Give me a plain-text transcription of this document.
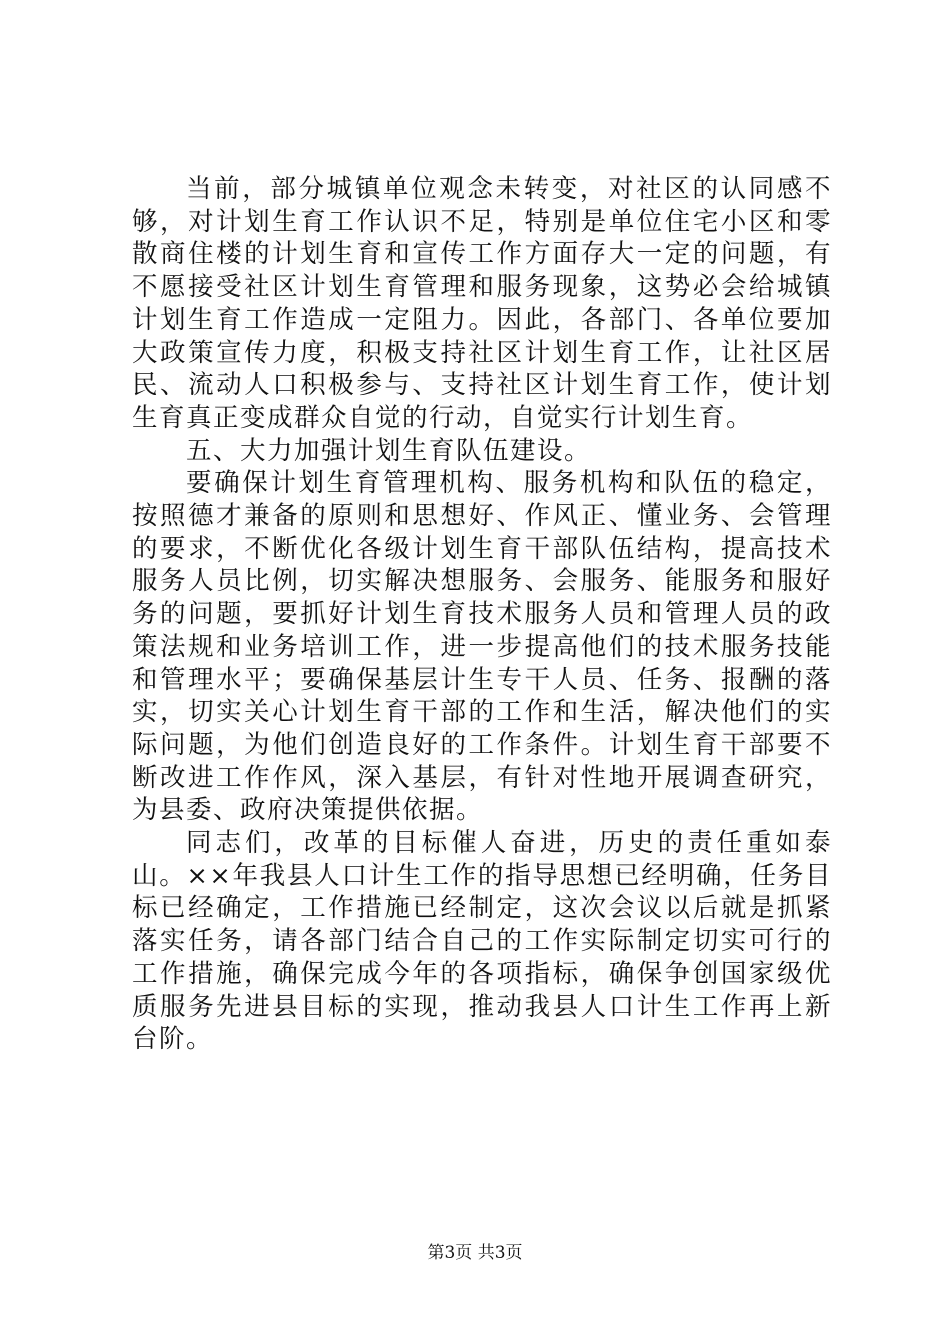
当前，部分城镇单位观念未转变，对社区的认同感不够，对计划生育工作认识不足，特别是单位住宅小区和零散商住楼的计划生育和宣传工作方面存大一定的问题，有不愿接受社区计划生育管理和服务现象，这势必会给城镇计划生育工作造成一定阻力。因此，各部门、各单位要加大政策宣传力度，积极支持社区计划生育工作，让社区居民、流动人口积极参与、支持社区计划生育工作，使计划生育真正变成群众自觉的行动，自觉实行计划生育。

五、大力加强计划生育队伍建设。

要确保计划生育管理机构、服务机构和队伍的稳定，按照德才兼备的原则和思想好、作风正、懂业务、会管理的要求，不断优化各级计划生育干部队伍结构，提高技术服务人员比例，切实解决想服务、会服务、能服务和服好务的问题，要抓好计划生育技术服务人员和管理人员的政策法规和业务培训工作，进一步提高他们的技术服务技能和管理水平；要确保基层计生专干人员、任务、报酬的落实，切实关心计划生育干部的工作和生活，解决他们的实际问题，为他们创造良好的工作条件。计划生育干部要不断改进工作作风，深入基层，有针对性地开展调查研究，为县委、政府决策提供依据。

同志们，改革的目标催人奋进，历史的责任重如泰山。××年我县人口计生工作的指导思想已经明确，任务目标已经确定，工作措施已经制定，这次会议以后就是抓紧落实任务，请各部门结合自己的工作实际制定切实可行的工作措施，确保完成今年的各项指标，确保争创国家级优质服务先进县目标的实现，推动我县人口计生工作再上新台阶。

第3页 共3页
